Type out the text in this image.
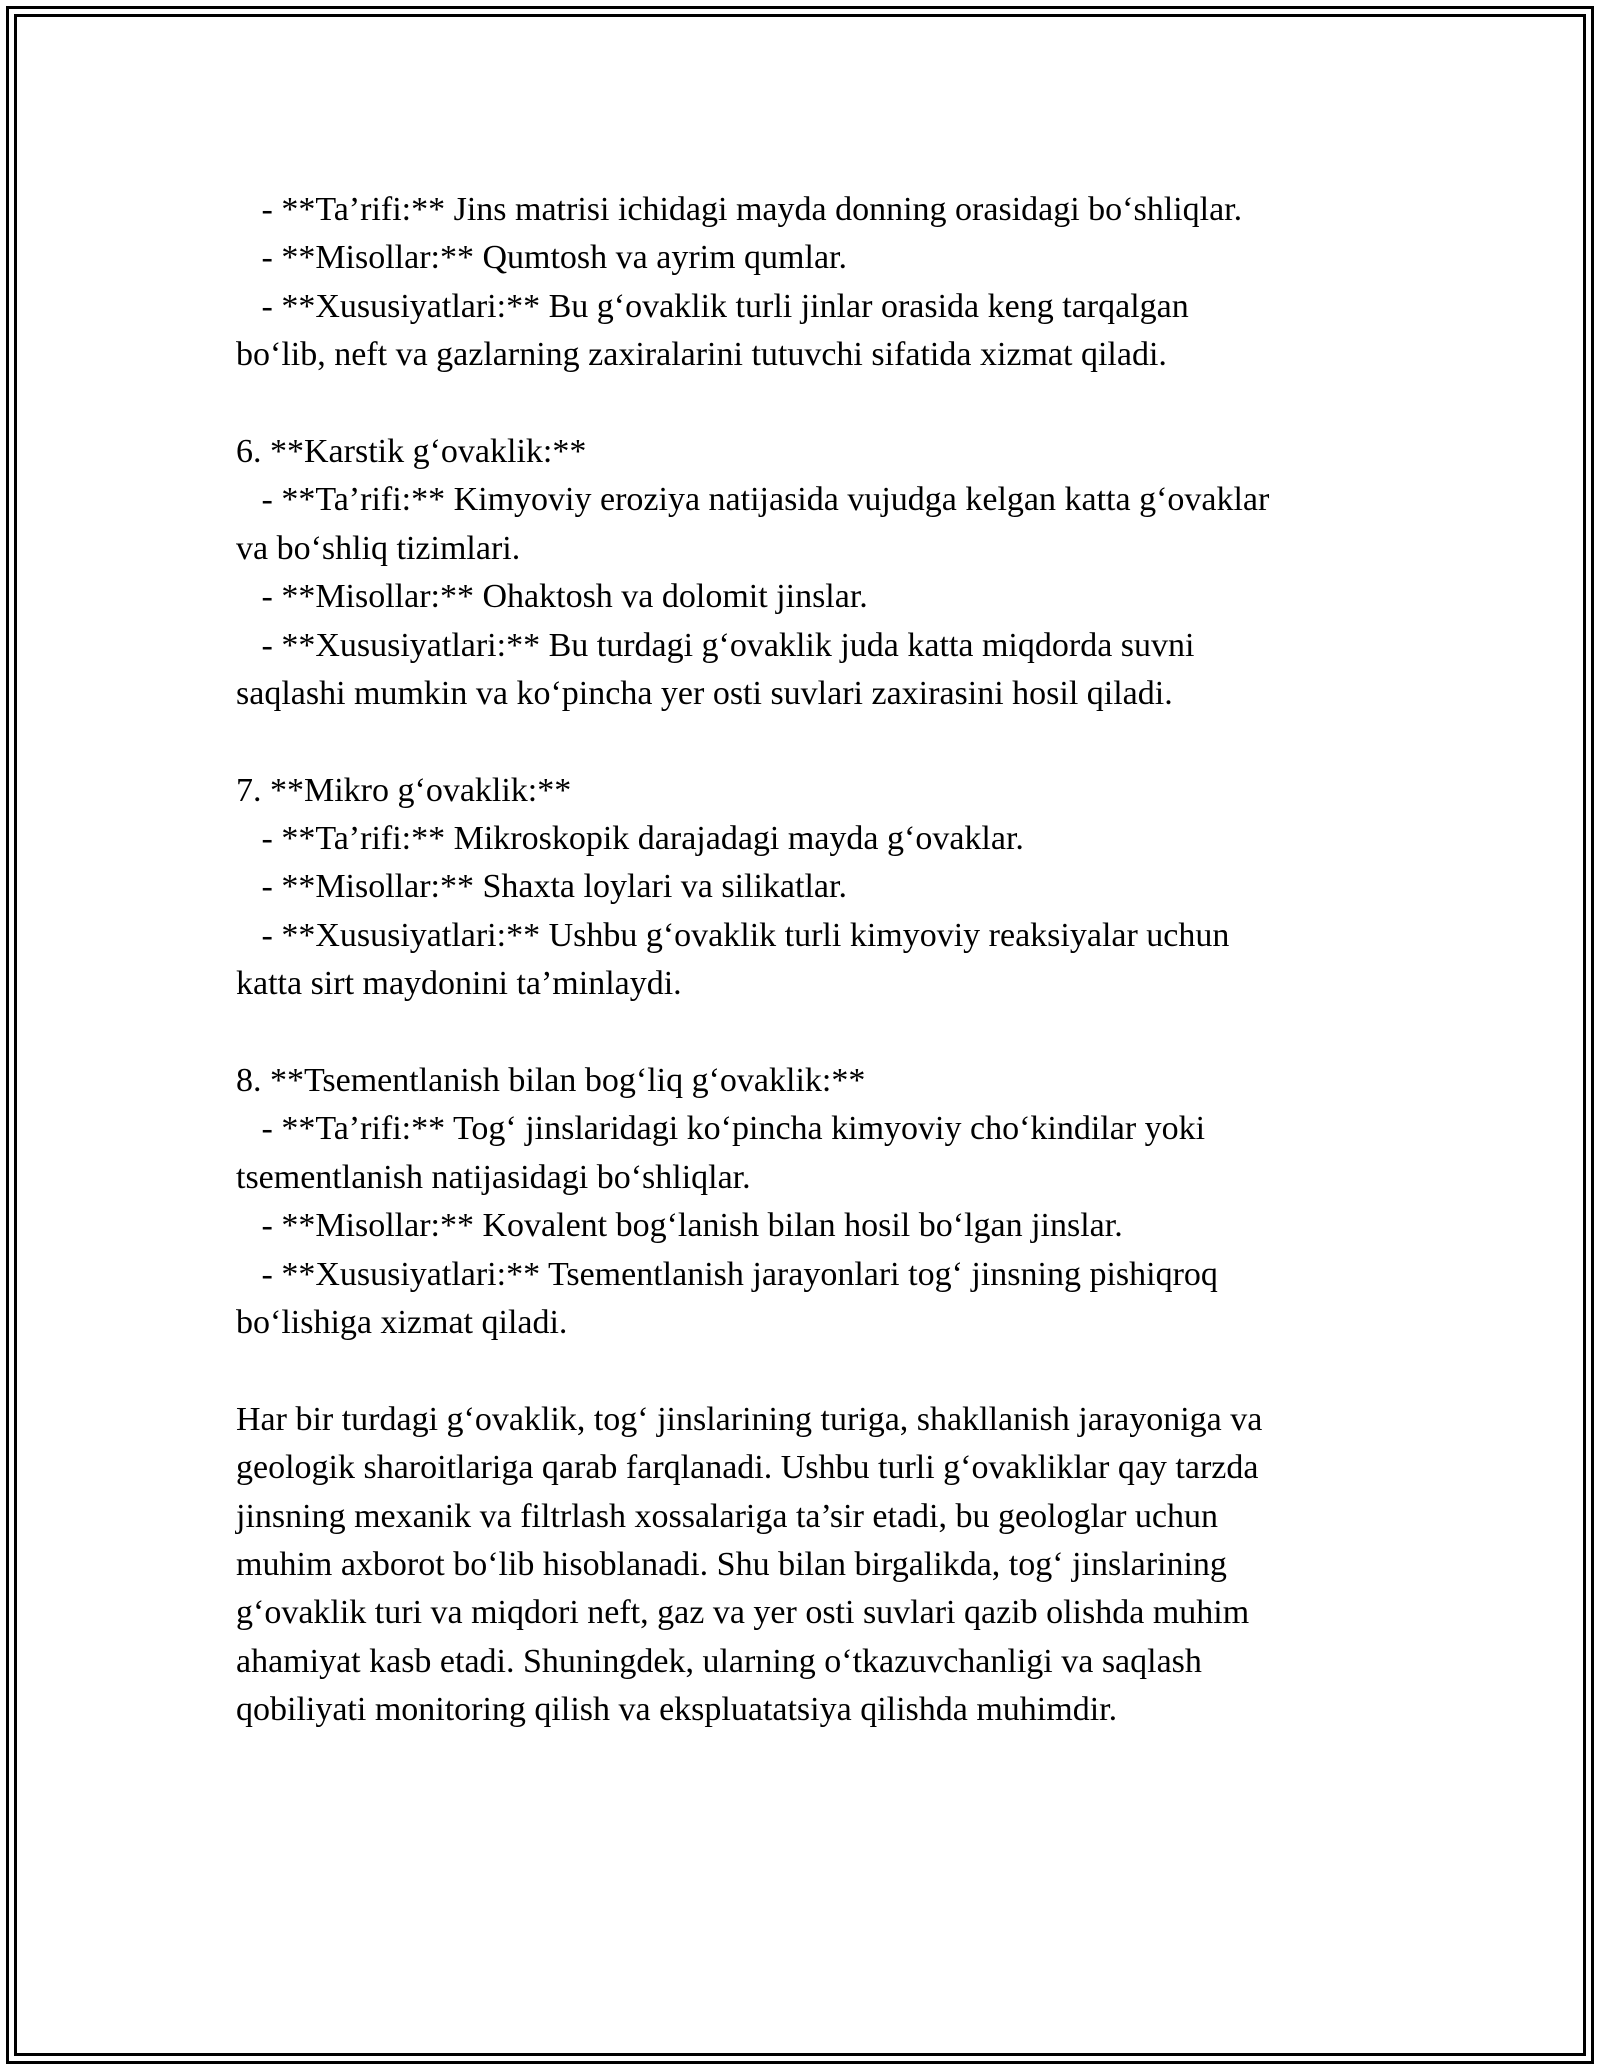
- **Ta’rifi:** Jins matrisi ichidagi mayda donning orasidagi bo‘shliqlar.
- **Misollar:** Qumtosh va ayrim qumlar.
- **Xususiyatlari:** Bu g‘ovaklik turli jinlar orasida keng tarqalgan
bo‘lib, neft va gazlarning zaxiralarini tutuvchi sifatida xizmat qiladi.
6. **Karstik g‘ovaklik:**
- **Ta’rifi:** Kimyoviy eroziya natijasida vujudga kelgan katta g‘ovaklar
va bo‘shliq tizimlari.
- **Misollar:** Ohaktosh va dolomit jinslar.
- **Xususiyatlari:** Bu turdagi g‘ovaklik juda katta miqdorda suvni
saqlashi mumkin va ko‘pincha yer osti suvlari zaxirasini hosil qiladi.
7. **Mikro g‘ovaklik:**
- **Ta’rifi:** Mikroskopik darajadagi mayda g‘ovaklar.
- **Misollar:** Shaxta loylari va silikatlar.
- **Xususiyatlari:** Ushbu g‘ovaklik turli kimyoviy reaksiyalar uchun
katta sirt maydonini ta’minlaydi.
8. **Tsementlanish bilan bog‘liq g‘ovaklik:**
- **Ta’rifi:** Tog‘ jinslaridagi ko‘pincha kimyoviy cho‘kindilar yoki
tsementlanish natijasidagi bo‘shliqlar.
- **Misollar:** Kovalent bog‘lanish bilan hosil bo‘lgan jinslar.
- **Xususiyatlari:** Tsementlanish jarayonlari tog‘ jinsning pishiqroq
bo‘lishiga xizmat qiladi.
Har bir turdagi g‘ovaklik, tog‘ jinslarining turiga, shakllanish jarayoniga va
geologik sharoitlariga qarab farqlanadi. Ushbu turli g‘ovakliklar qay tarzda
jinsning mexanik va filtrlash xossalariga ta’sir etadi, bu geologlar uchun
muhim axborot bo‘lib hisoblanadi. Shu bilan birgalikda, tog‘ jinslarining
g‘ovaklik turi va miqdori neft, gaz va yer osti suvlari qazib olishda muhim
ahamiyat kasb etadi. Shuningdek, ularning o‘tkazuvchanligi va saqlash
qobiliyati monitoring qilish va ekspluatatsiya qilishda muhimdir.
